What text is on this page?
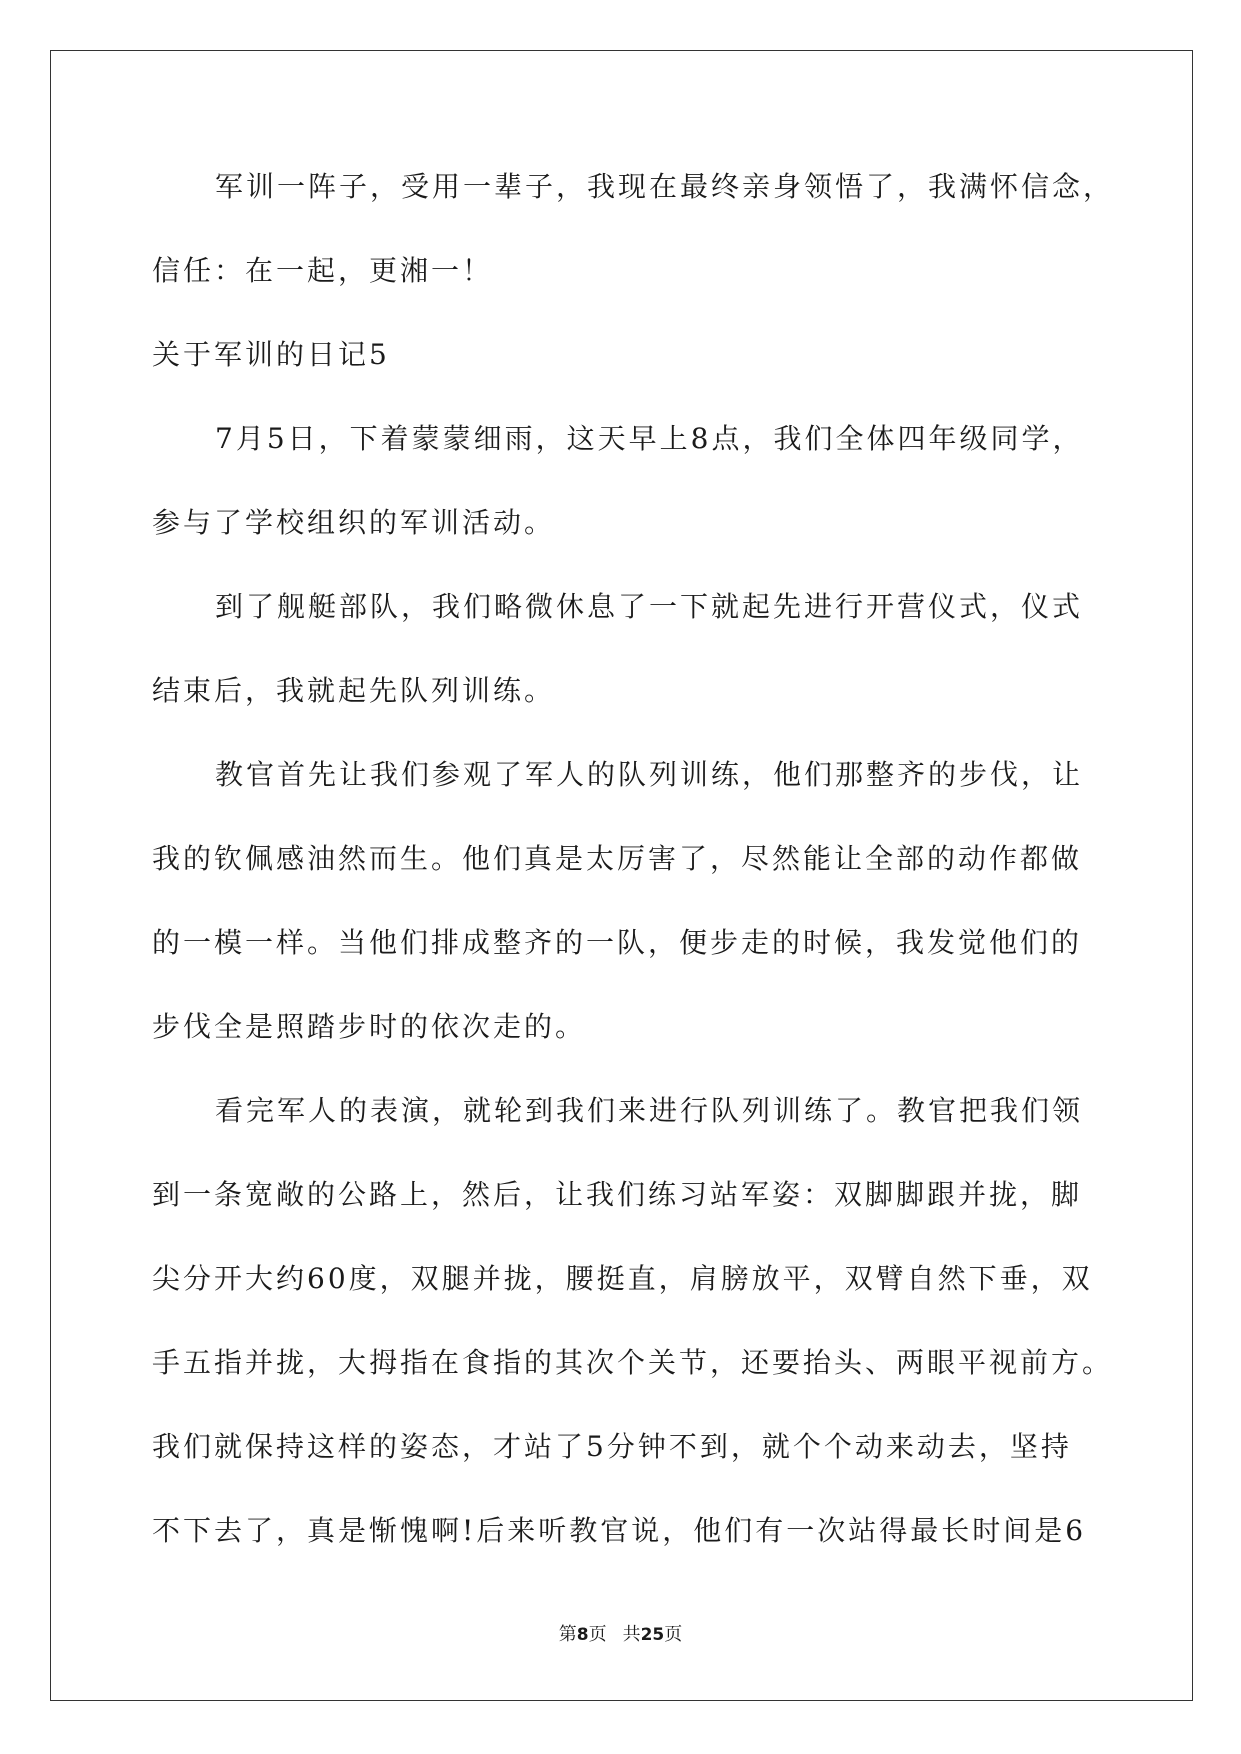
军训一阵子，受用一辈子，我现在最终亲身领悟了，我满怀信念，
信任：在一起，更湘一！
关于军训的日记5
7月5日，下着蒙蒙细雨，这天早上8点，我们全体四年级同学，
参与了学校组织的军训活动。
到了舰艇部队，我们略微休息了一下就起先进行开营仪式，仪式
结束后，我就起先队列训练。
教官首先让我们参观了军人的队列训练，他们那整齐的步伐，让
我的钦佩感油然而生。他们真是太厉害了，尽然能让全部的动作都做
的一模一样。当他们排成整齐的一队，便步走的时候，我发觉他们的
步伐全是照踏步时的依次走的。
看完军人的表演，就轮到我们来进行队列训练了。教官把我们领
到一条宽敞的公路上，然后，让我们练习站军姿：双脚脚跟并拢，脚
尖分开大约60度，双腿并拢，腰挺直，肩膀放平，双臂自然下垂，双
手五指并拢，大拇指在食指的其次个关节，还要抬头、两眼平视前方。
我们就保持这样的姿态，才站了5分钟不到，就个个动来动去，坚持
不下去了，真是惭愧啊!后来听教官说，他们有一次站得最长时间是6
第8页 共25页
